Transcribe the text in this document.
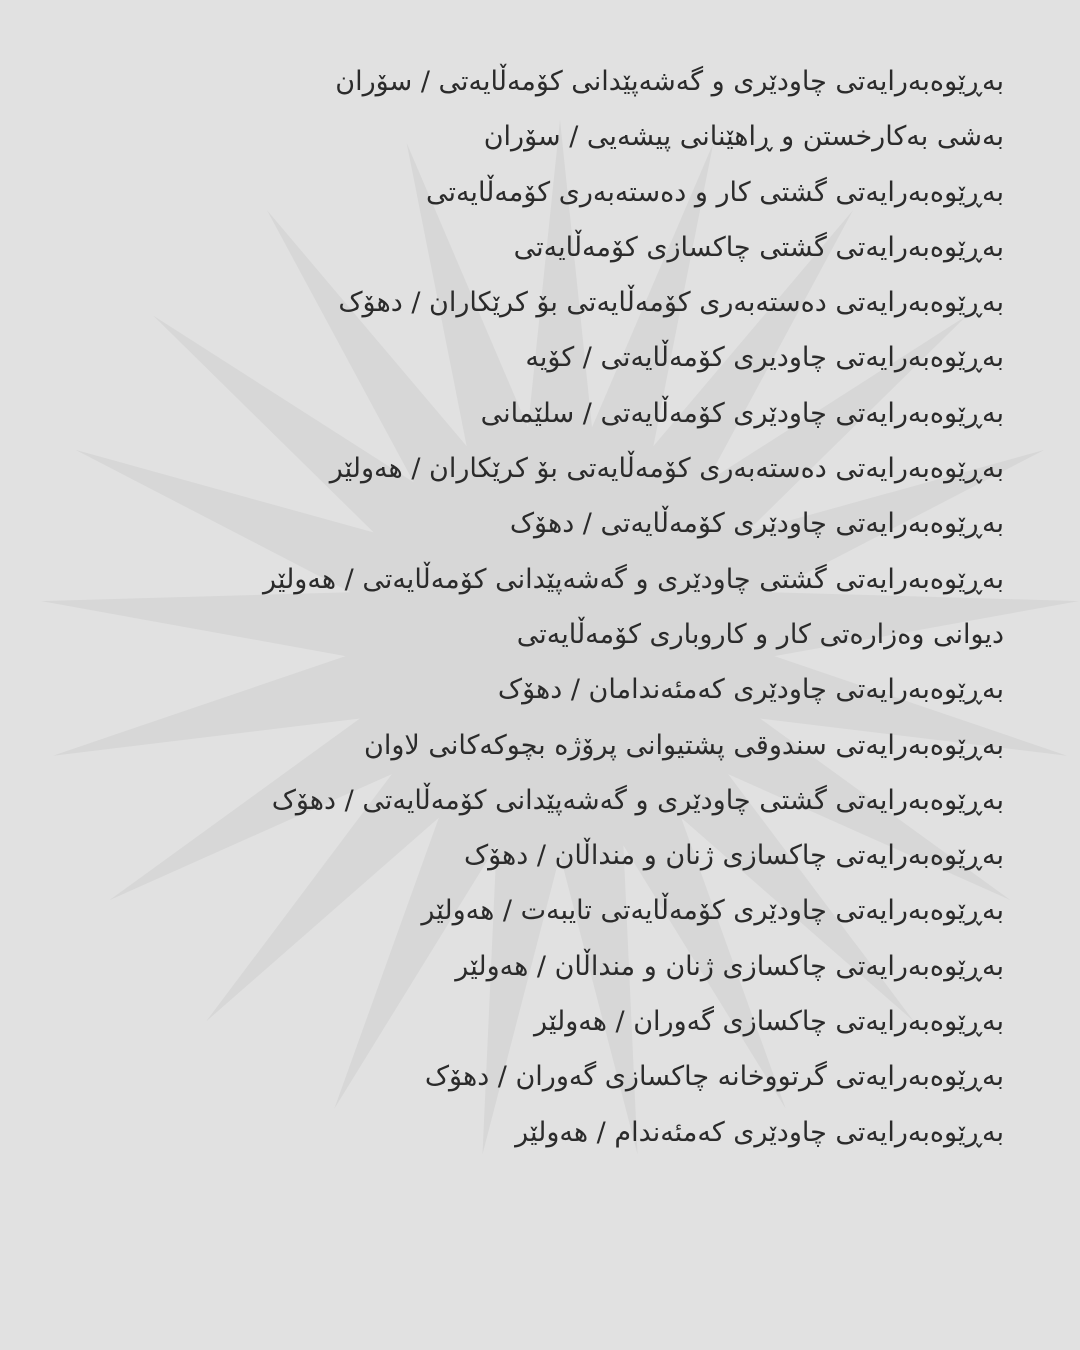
بەڕێوەبەرایەتی چاودێری و گەشەپێدانی کۆمەڵایەتی / سۆران
بەشی بەکارخستن و ڕاهێنانی پیشەیی / سۆران
بەڕێوەبەرایەتی گشتی کار و دەستەبەری کۆمەڵایەتی
بەڕێوەبەرایەتی گشتی چاکسازی کۆمەڵایەتی
بەڕێوەبەرایەتی دەستەبەری کۆمەڵایەتی بۆ کرێکاران / دهۆک
بەڕێوەبەرایەتی چاودیری کۆمەڵایەتی / کۆیە
بەڕێوەبەرایەتی چاودێری کۆمەڵایەتی / سلێمانی
بەڕێوەبەرایەتی دەستەبەری کۆمەڵایەتی بۆ کرێکاران / هەولێر
بەڕێوەبەرایەتی چاودێری کۆمەڵایەتی / دهۆک
بەڕێوەبەرایەتی گشتی چاودێری و گەشەپێدانی کۆمەڵایەتی / هەولێر
دیوانی وەزارەتی کار و کاروباری کۆمەڵایەتی
بەڕێوەبەرایەتی چاودێری کەمئەندامان / دهۆک
بەڕێوەبەرایەتی سندوقی پشتیوانی پرۆژە بچوکەکانی لاوان
بەڕێوەبەرایەتی گشتی چاودێری و گەشەپێدانی کۆمەڵایەتی / دهۆک
بەڕێوەبەرایەتی چاکسازی ژنان و منداڵان / دهۆک
بەڕێوەبەرایەتی چاودێری کۆمەڵایەتی تایبەت / هەولێر
بەڕێوەبەرایەتی چاکسازی ژنان و منداڵان / هەولێر
بەڕێوەبەرایەتی چاکسازی گەوران / هەولێر
بەڕێوەبەرایەتی گرتووخانە چاکسازی گەوران / دهۆک
بەڕێوەبەرایەتی چاودێری کەمئەندام / هەولێر
